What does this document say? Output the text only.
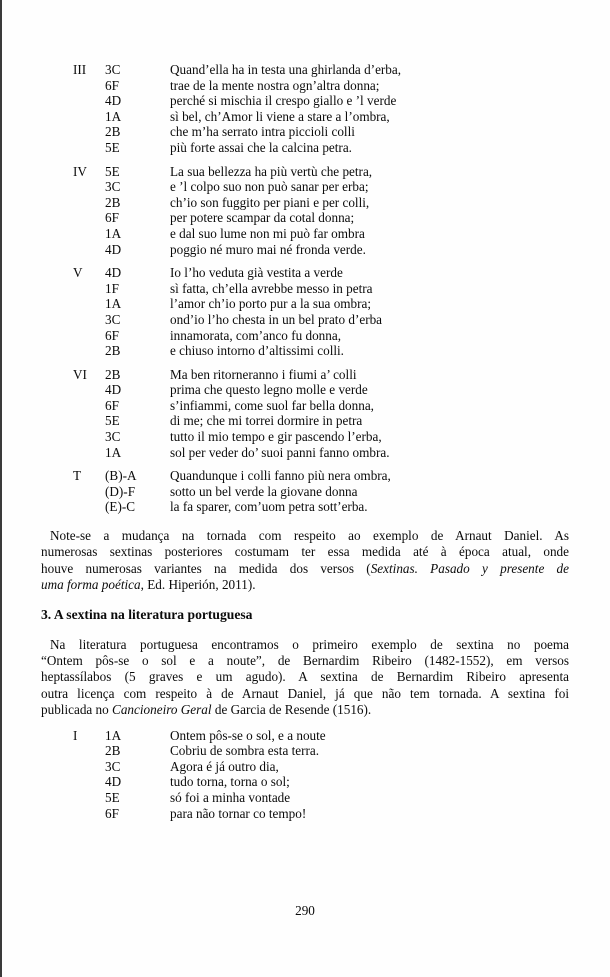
III	3C	Quand’ella ha in testa una ghirlanda d’erba,
6F	trae de la mente nostra ogn’altra donna;
4D	perché si mischia il crespo giallo e ’l verde
1A	sì bel, ch’Amor li viene a stare a l’ombra,
2B	che m’ha serrato intra piccioli colli
5E	più forte assai che la calcina petra.
IV	5E	La sua bellezza ha più vertù che petra,
3C	e ’l colpo suo non può sanar per erba;
2B	ch’io son fuggito per piani e per colli,
6F	per potere scampar da cotal donna;
1A	e dal suo lume non mi può far ombra
4D	poggio né muro mai né fronda verde.
V	4D	Io l’ho veduta già vestita a verde
1F	sì fatta, ch’ella avrebbe messo in petra
1A	l’amor ch’io porto pur a la sua ombra;
3C	ond’io l’ho chesta in un bel prato d’erba
6F	innamorata, com’anco fu donna,
2B	e chiuso intorno d’altissimi colli.
VI	2B	Ma ben ritorneranno i fiumi a’ colli
4D	prima che questo legno molle e verde
6F	s’infiammi, come suol far bella donna,
5E	di me; che mi torrei dormire in petra
3C	tutto il mio tempo e gir pascendo l’erba,
1A	sol per veder do’ suoi panni fanno ombra.
T	(B)-A	Quandunque i colli fanno più nera ombra,
(D)-F	sotto un bel verde la giovane donna
(E)-C	la fa sparer, com’uom petra sott’erba.
Note-se a mudança na tornada com respeito ao exemplo de Arnaut Daniel. As
numerosas sextinas posteriores costumam ter essa medida até à época atual, onde
houve numerosas variantes na medida dos versos (Sextinas. Pasado y presente de
uma forma poética, Ed. Hiperión, 2011).
3. A sextina na literatura portuguesa
Na literatura portuguesa encontramos o primeiro exemplo de sextina no poema
“Ontem pôs-se o sol e a noute”, de Bernardim Ribeiro (1482-1552), em versos
heptassílabos (5 graves e um agudo). A sextina de Bernardim Ribeiro apresenta
outra licença com respeito à de Arnaut Daniel, já que não tem tornada. A sextina foi
publicada no Cancioneiro Geral de Garcia de Resende (1516).
I	1A	Ontem pôs-se o sol, e a noute
2B	Cobriu de sombra esta terra.
3C	Agora é já outro dia,
4D	tudo torna, torna o sol;
5E	só foi a minha vontade
6F	para não tornar co tempo!
290
